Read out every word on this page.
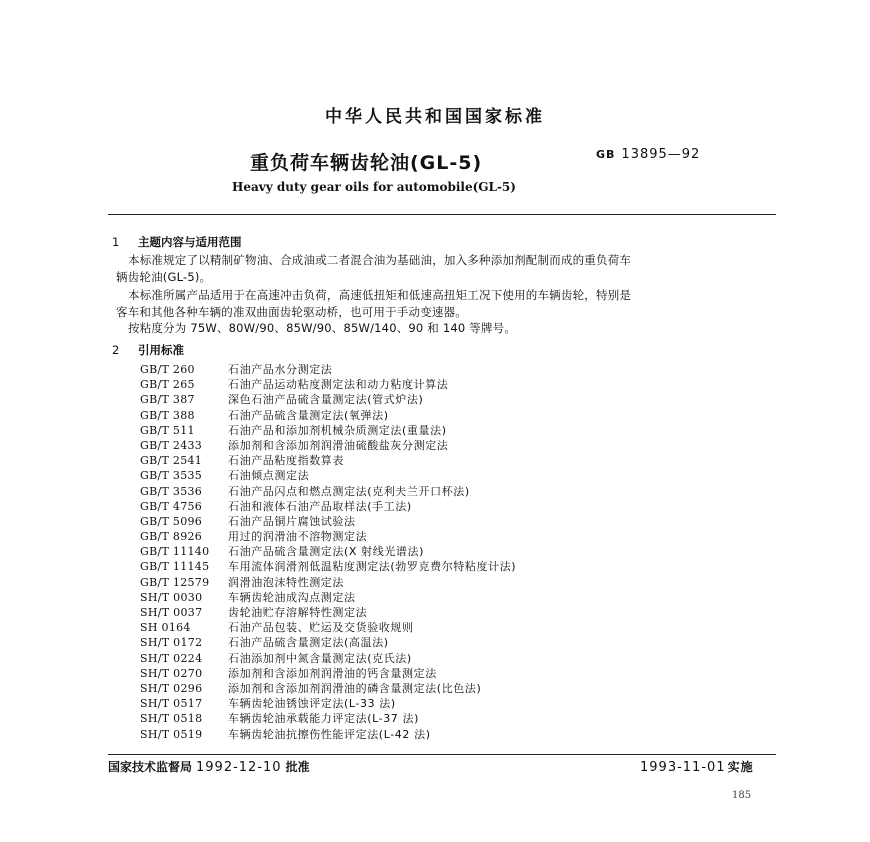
中华人民共和国国家标准
重负荷车辆齿轮油(GL-5)	GB 13895—92
Heavy duty gear oils for automobile(GL-5)
1 主题内容与适用范围
本标准规定了以精制矿物油、合成油或二者混合油为基础油，加入多种添加剂配制而成的重负荷车
辆齿轮油(GL-5)。
本标准所属产品适用于在高速冲击负荷，高速低扭矩和低速高扭矩工况下使用的车辆齿轮，特别是
客车和其他各种车辆的准双曲面齿轮驱动桥，也可用于手动变速器。
按粘度分为 75W、80W/90、85W/90、85W/140、90 和 140 等牌号。
2 引用标准
GB/T 260	石油产品水分测定法
GB/T 265	石油产品运动粘度测定法和动力粘度计算法
GB/T 387	深色石油产品硫含量测定法(管式炉法)
GB/T 388	石油产品硫含量测定法(氧弹法)
GB/T 511	石油产品和添加剂机械杂质测定法(重量法)
GB/T 2433 添加剂和含添加剂润滑油硫酸盐灰分测定法
GB/T 2541 石油产品粘度指数算表
GB/T 3535 石油倾点测定法
GB/T 3536 石油产品闪点和燃点测定法(克利夫兰开口杯法)
GB/T 4756 石油和液体石油产品取样法(手工法)
GB/T 5096 石油产品铜片腐蚀试验法
GB/T 8926 用过的润滑油不溶物测定法
GB/T 11140 石油产品硫含量测定法(X 射线光谱法)
GB/T 11145 车用流体润滑剂低温粘度测定法(勃罗克费尔特粘度计法)
GB/T 12579 润滑油泡沫特性测定法
SH/T 0030 车辆齿轮油成沟点测定法
SH/T 0037 齿轮油贮存溶解特性测定法
SH 0164	石油产品包装、贮运及交货验收规则
SH/T 0172 石油产品硫含量测定法(高温法)
SH/T 0224 石油添加剂中氮含量测定法(克氏法)
SH/T 0270 添加剂和含添加剂润滑油的钙含量测定法
SH/T 0296 添加剂和含添加剂润滑油的磷含量测定法(比色法)
SH/T 0517 车辆齿轮油锈蚀评定法(L-33 法)
SH/T 0518 车辆齿轮油承载能力评定法(L-37 法)
SH/T 0519 车辆齿轮油抗擦伤性能评定法(L-42 法)
国家技术监督局 1992-12-10 批准	1993-11-01 实施
185
